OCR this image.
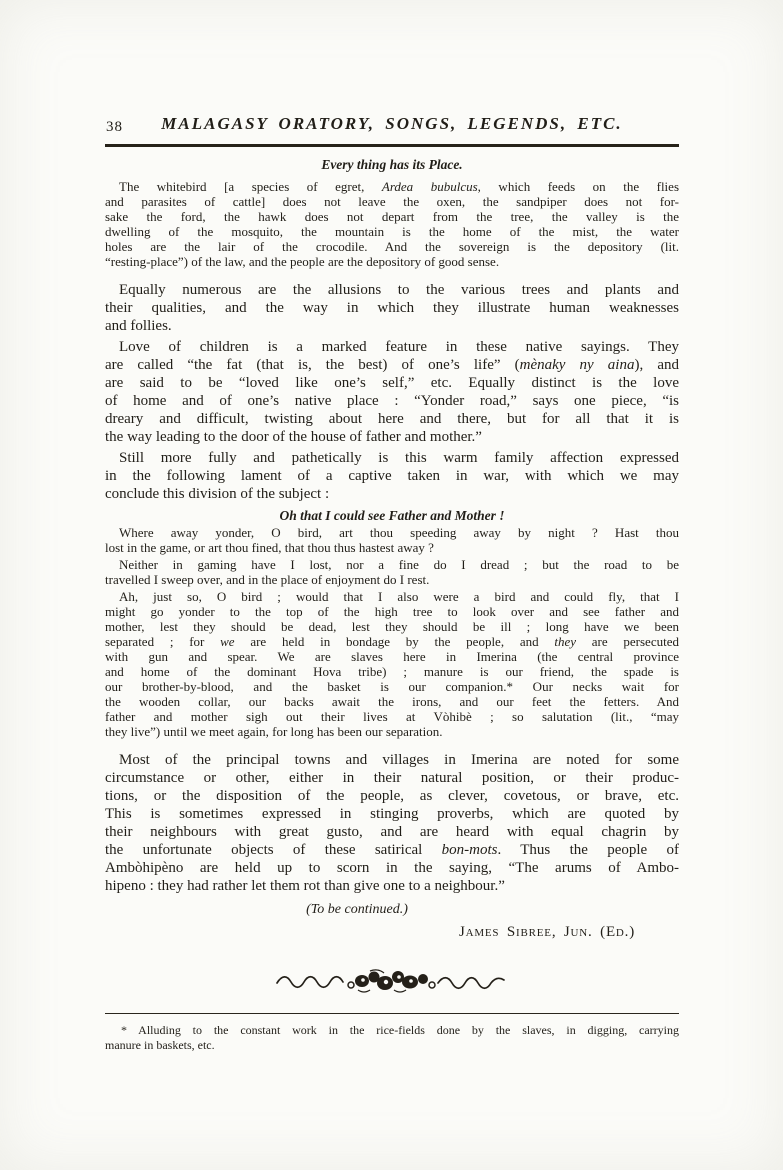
38 MALAGASY ORATORY, SONGS, LEGENDS, ETC.
Every thing has its Place.
The whitebird [a species of egret, Ardea bubulcus, which feeds on the flies
and parasites of cattle] does not leave the oxen, the sandpiper does not for-
sake the ford, the hawk does not depart from the tree, the valley is the
dwelling of the mosquito, the mountain is the home of the mist, the water
holes are the lair of the crocodile. And the sovereign is the depository (lit.
“resting-place”) of the law, and the people are the depository of good sense.
Equally numerous are the allusions to the various trees and plants and
their qualities, and the way in which they illustrate human weaknesses
and follies.
Love of children is a marked feature in these native sayings. They
are called “the fat (that is, the best) of one’s life” (mènaky ny aina), and
are said to be “loved like one’s self,” etc. Equally distinct is the love
of home and of one’s native place : “Yonder road,” says one piece, “is
dreary and difficult, twisting about here and there, but for all that it is
the way leading to the door of the house of father and mother.”
Still more fully and pathetically is this warm family affection expressed
in the following lament of a captive taken in war, with which we may
conclude this division of the subject :
Oh that I could see Father and Mother !
Where away yonder, O bird, art thou speeding away by night ? Hast thou
lost in the game, or art thou fined, that thou thus hastest away ?
Neither in gaming have I lost, nor a fine do I dread ; but the road to be
travelled I sweep over, and in the place of enjoyment do I rest.
Ah, just so, O bird ; would that I also were a bird and could fly, that I
might go yonder to the top of the high tree to look over and see father and
mother, lest they should be dead, lest they should be ill ; long have we been
separated ; for we are held in bondage by the people, and they are persecuted
with gun and spear. We are slaves here in Imerina (the central province
and home of the dominant Hova tribe) ; manure is our friend, the spade is
our brother-by-blood, and the basket is our companion.* Our necks wait for
the wooden collar, our backs await the irons, and our feet the fetters. And
father and mother sigh out their lives at Vòhibè ; so salutation (lit., “may
they live”) until we meet again, for long has been our separation.
Most of the principal towns and villages in Imerina are noted for some
circumstance or other, either in their natural position, or their produc-
tions, or the disposition of the people, as clever, covetous, or brave, etc.
This is sometimes expressed in stinging proverbs, which are quoted by
their neighbours with great gusto, and are heard with equal chagrin by
the unfortunate objects of these satirical bon-mots. Thus the people of
Ambòhipèno are held up to scorn in the saying, “The arums of Ambo-
hipeno : they had rather let them rot than give one to a neighbour.”
(To be continued.)
James Sibree, Jun. (Ed.)
* Alluding to the constant work in the rice-fields done by the slaves, in digging, carrying
manure in baskets, etc.
